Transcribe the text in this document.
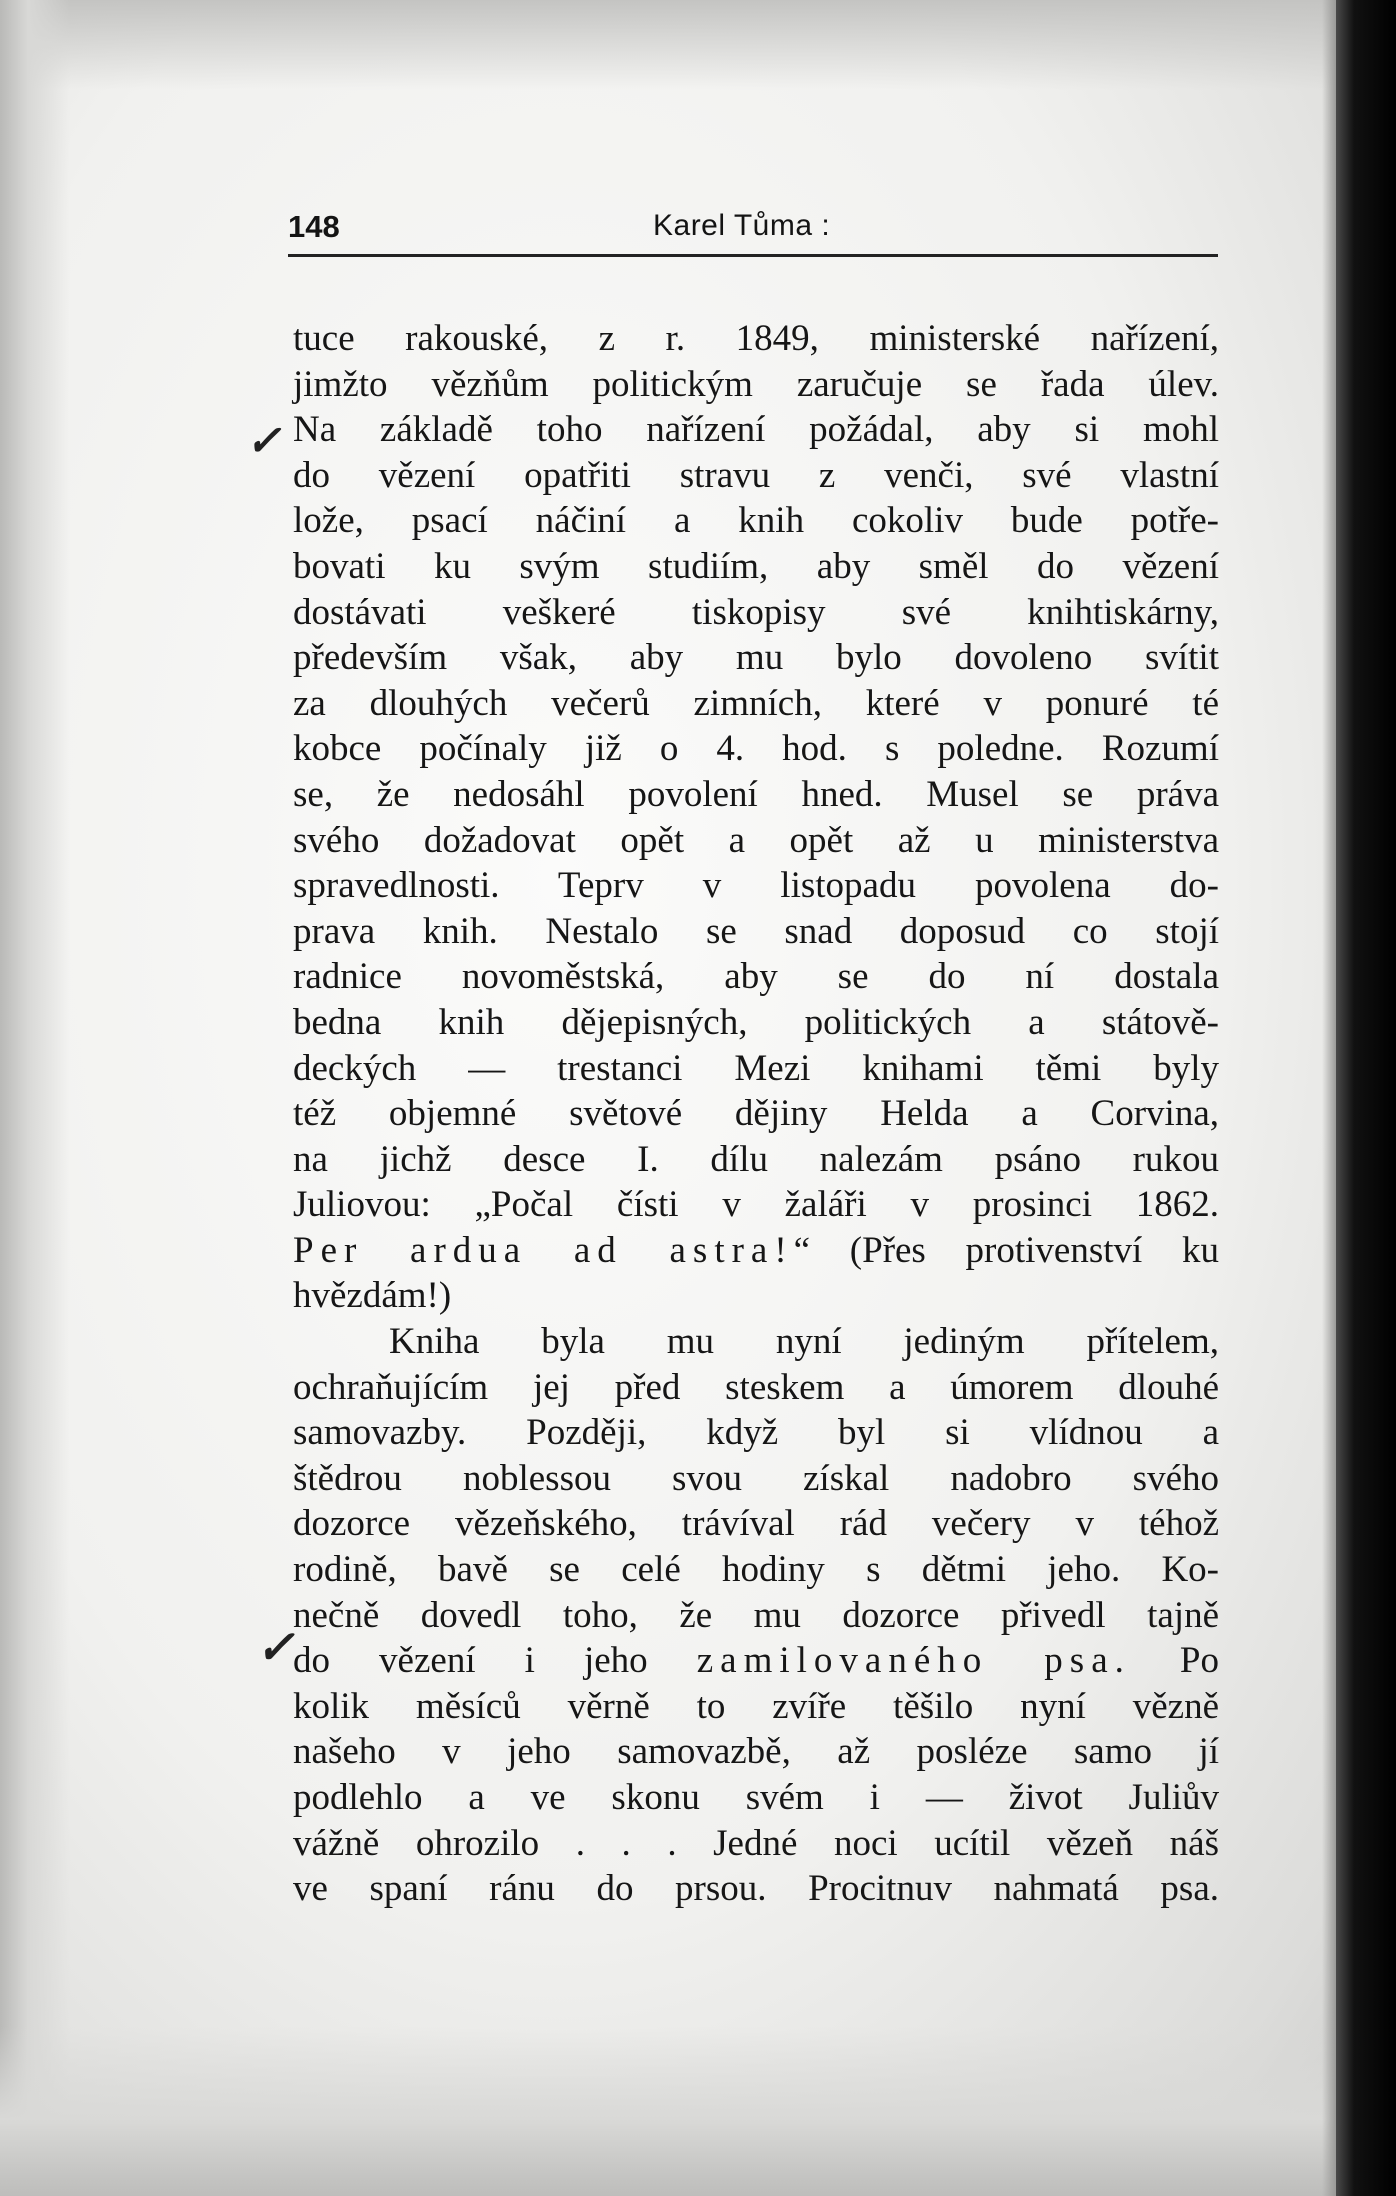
148	Karel Tůma :
✓
✓
tuce rakouské, z r. 1849, ministerské nařízení,
jimžto vězňům politickým zaručuje se řada úlev.
Na základě toho nařízení požádal, aby si mohl
do vězení opatřiti stravu z venči, své vlastní
lože, psací náčiní a knih cokoliv bude potře-
bovati ku svým studiím, aby směl do vězení
dostávati veškeré tiskopisy své knihtiskárny,
především však, aby mu bylo dovoleno svítit
za dlouhých večerů zimních, které v ponuré té
kobce počínaly již o 4. hod. s poledne. Rozumí
se, že nedosáhl povolení hned. Musel se práva
svého dožadovat opět a opět až u ministerstva
spravedlnosti. Teprv v listopadu povolena do-
prava knih. Nestalo se snad doposud co stojí
radnice novoměstská, aby se do ní dostala
bedna knih dějepisných, politických a státově-
deckých — trestanci Mezi knihami těmi byly
též objemné světové dějiny Helda a Corvina,
na jichž desce I. dílu nalezám psáno rukou
Juliovou: „Počal čísti v žaláři v prosinci 1862.
Per ardua ad astra!“ (Přes protivenství ku
hvězdám!)
Kniha byla mu nyní jediným přítelem,
ochraňujícím jej před steskem a úmorem dlouhé
samovazby. Později, když byl si vlídnou a
štědrou noblessou svou získal nadobro svého
dozorce vězeňského, trávíval rád večery v téhož
rodině, bavě se celé hodiny s dětmi jeho. Ko-
nečně dovedl toho, že mu dozorce přivedl tajně
do vězení i jeho zamilovaného psa. Po
kolik měsíců věrně to zvíře těšilo nyní vězně
našeho v jeho samovazbě, až posléze samo jí
podlehlo a ve skonu svém i — život Juliův
vážně ohrozilo . . . Jedné noci ucítil vězeň náš
ve spaní ránu do prsou. Procitnuv nahmatá psa.
